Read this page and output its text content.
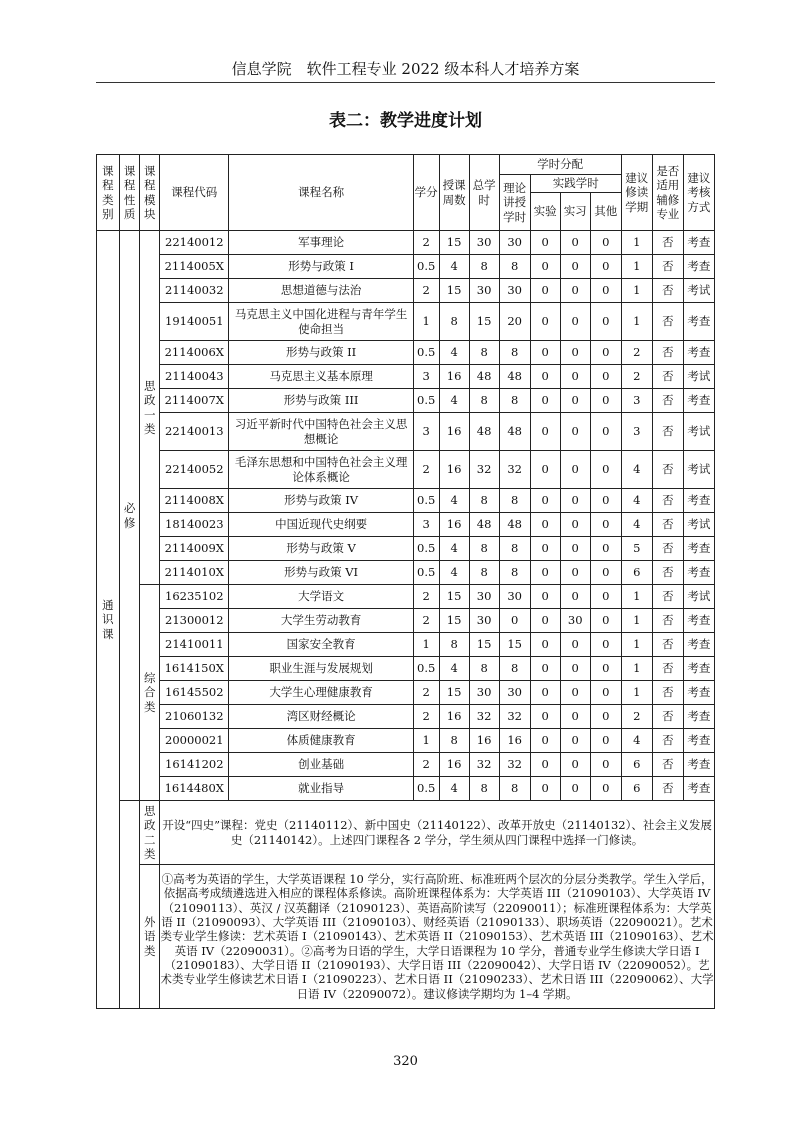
信息学院　软件工程专业 2022 级本科人才培养方案
表二：教学进度计划
课程类别	课程性质	课程模块	课程代码	课程名称	学分	授课周数	总学时	学时分配				建议修读学期	是否适用辅修专业	建议考核方式
								理论讲授学时	实践学时					
									实验	实习	其他			
通识课	必修	思政一类	22140012	军事理论	2	15	30	30	0	0	0	1	否	考查
			2114005X	形势与政策 I	0.5	4	8	8	0	0	0	1	否	考查
			21140032	思想道德与法治	2	15	30	30	0	0	0	1	否	考试
			19140051	马克思主义中国化进程与青年学生使命担当	1	8	15	20	0	0	0	1	否	考查
			2114006X	形势与政策 II	0.5	4	8	8	0	0	0	2	否	考查
			21140043	马克思主义基本原理	3	16	48	48	0	0	0	2	否	考试
			2114007X	形势与政策 III	0.5	4	8	8	0	0	0	3	否	考查
			22140013	习近平新时代中国特色社会主义思想概论	3	16	48	48	0	0	0	3	否	考试
			22140052	毛泽东思想和中国特色社会主义理论体系概论	2	16	32	32	0	0	0	4	否	考试
			2114008X	形势与政策 IV	0.5	4	8	8	0	0	0	4	否	考查
			18140023	中国近现代史纲要	3	16	48	48	0	0	0	4	否	考试
			2114009X	形势与政策 V	0.5	4	8	8	0	0	0	5	否	考查
			2114010X	形势与政策 VI	0.5	4	8	8	0	0	0	6	否	考查
		综合类	16235102	大学语文	2	15	30	30	0	0	0	1	否	考试
			21300012	大学生劳动教育	2	15	30	0	0	30	0	1	否	考查
			21410011	国家安全教育	1	8	15	15	0	0	0	1	否	考查
			1614150X	职业生涯与发展规划	0.5	4	8	8	0	0	0	1	否	考查
			16145502	大学生心理健康教育	2	15	30	30	0	0	0	1	否	考查
			21060132	湾区财经概论	2	16	32	32	0	0	0	2	否	考查
			20000021	体质健康教育	1	8	16	16	0	0	0	4	否	考查
			16141202	创业基础	2	16	32	32	0	0	0	6	否	考查
			1614480X	就业指导	0.5	4	8	8	0	0	0	6	否	考查
		思政二类	开设“四史”课程：党史（21140112）、新中国史（21140122）、改革开放史（21140132）、社会主义发展史（21140142）。上述四门课程各 2 学分，学生须从四门课程中选择一门修读。											
		外语类	①高考为英语的学生，大学英语课程 10 学分，实行高阶班、标准班两个层次的分层分类教学。学生入学后，依据高考成绩遴选进入相应的课程体系修读。高阶班课程体系为：大学英语 III（21090103）、大学英语 IV（21090113）、英汉 / 汉英翻译（21090123）、英语高阶读写（22090011）；标准班课程体系为：大学英语 II（21090093）、大学英语 III（21090103）、财经英语（21090133）、职场英语（22090021）。艺术类专业学生修读：艺术英语 I（21090143）、艺术英语 II（21090153）、艺术英语 III（21090163）、艺术英语 IV（22090031）。②高考为日语的学生，大学日语课程为 10 学分，普通专业学生修读大学日语 I（21090183）、大学日语 II（21090193）、大学日语 III（22090042）、大学日语 IV（22090052）。艺术类专业学生修读艺术日语 I（21090223）、艺术日语 II（21090233）、艺术日语 III（22090062）、大学日语 IV（22090072）。建议修读学期均为 1–4 学期。											
320
